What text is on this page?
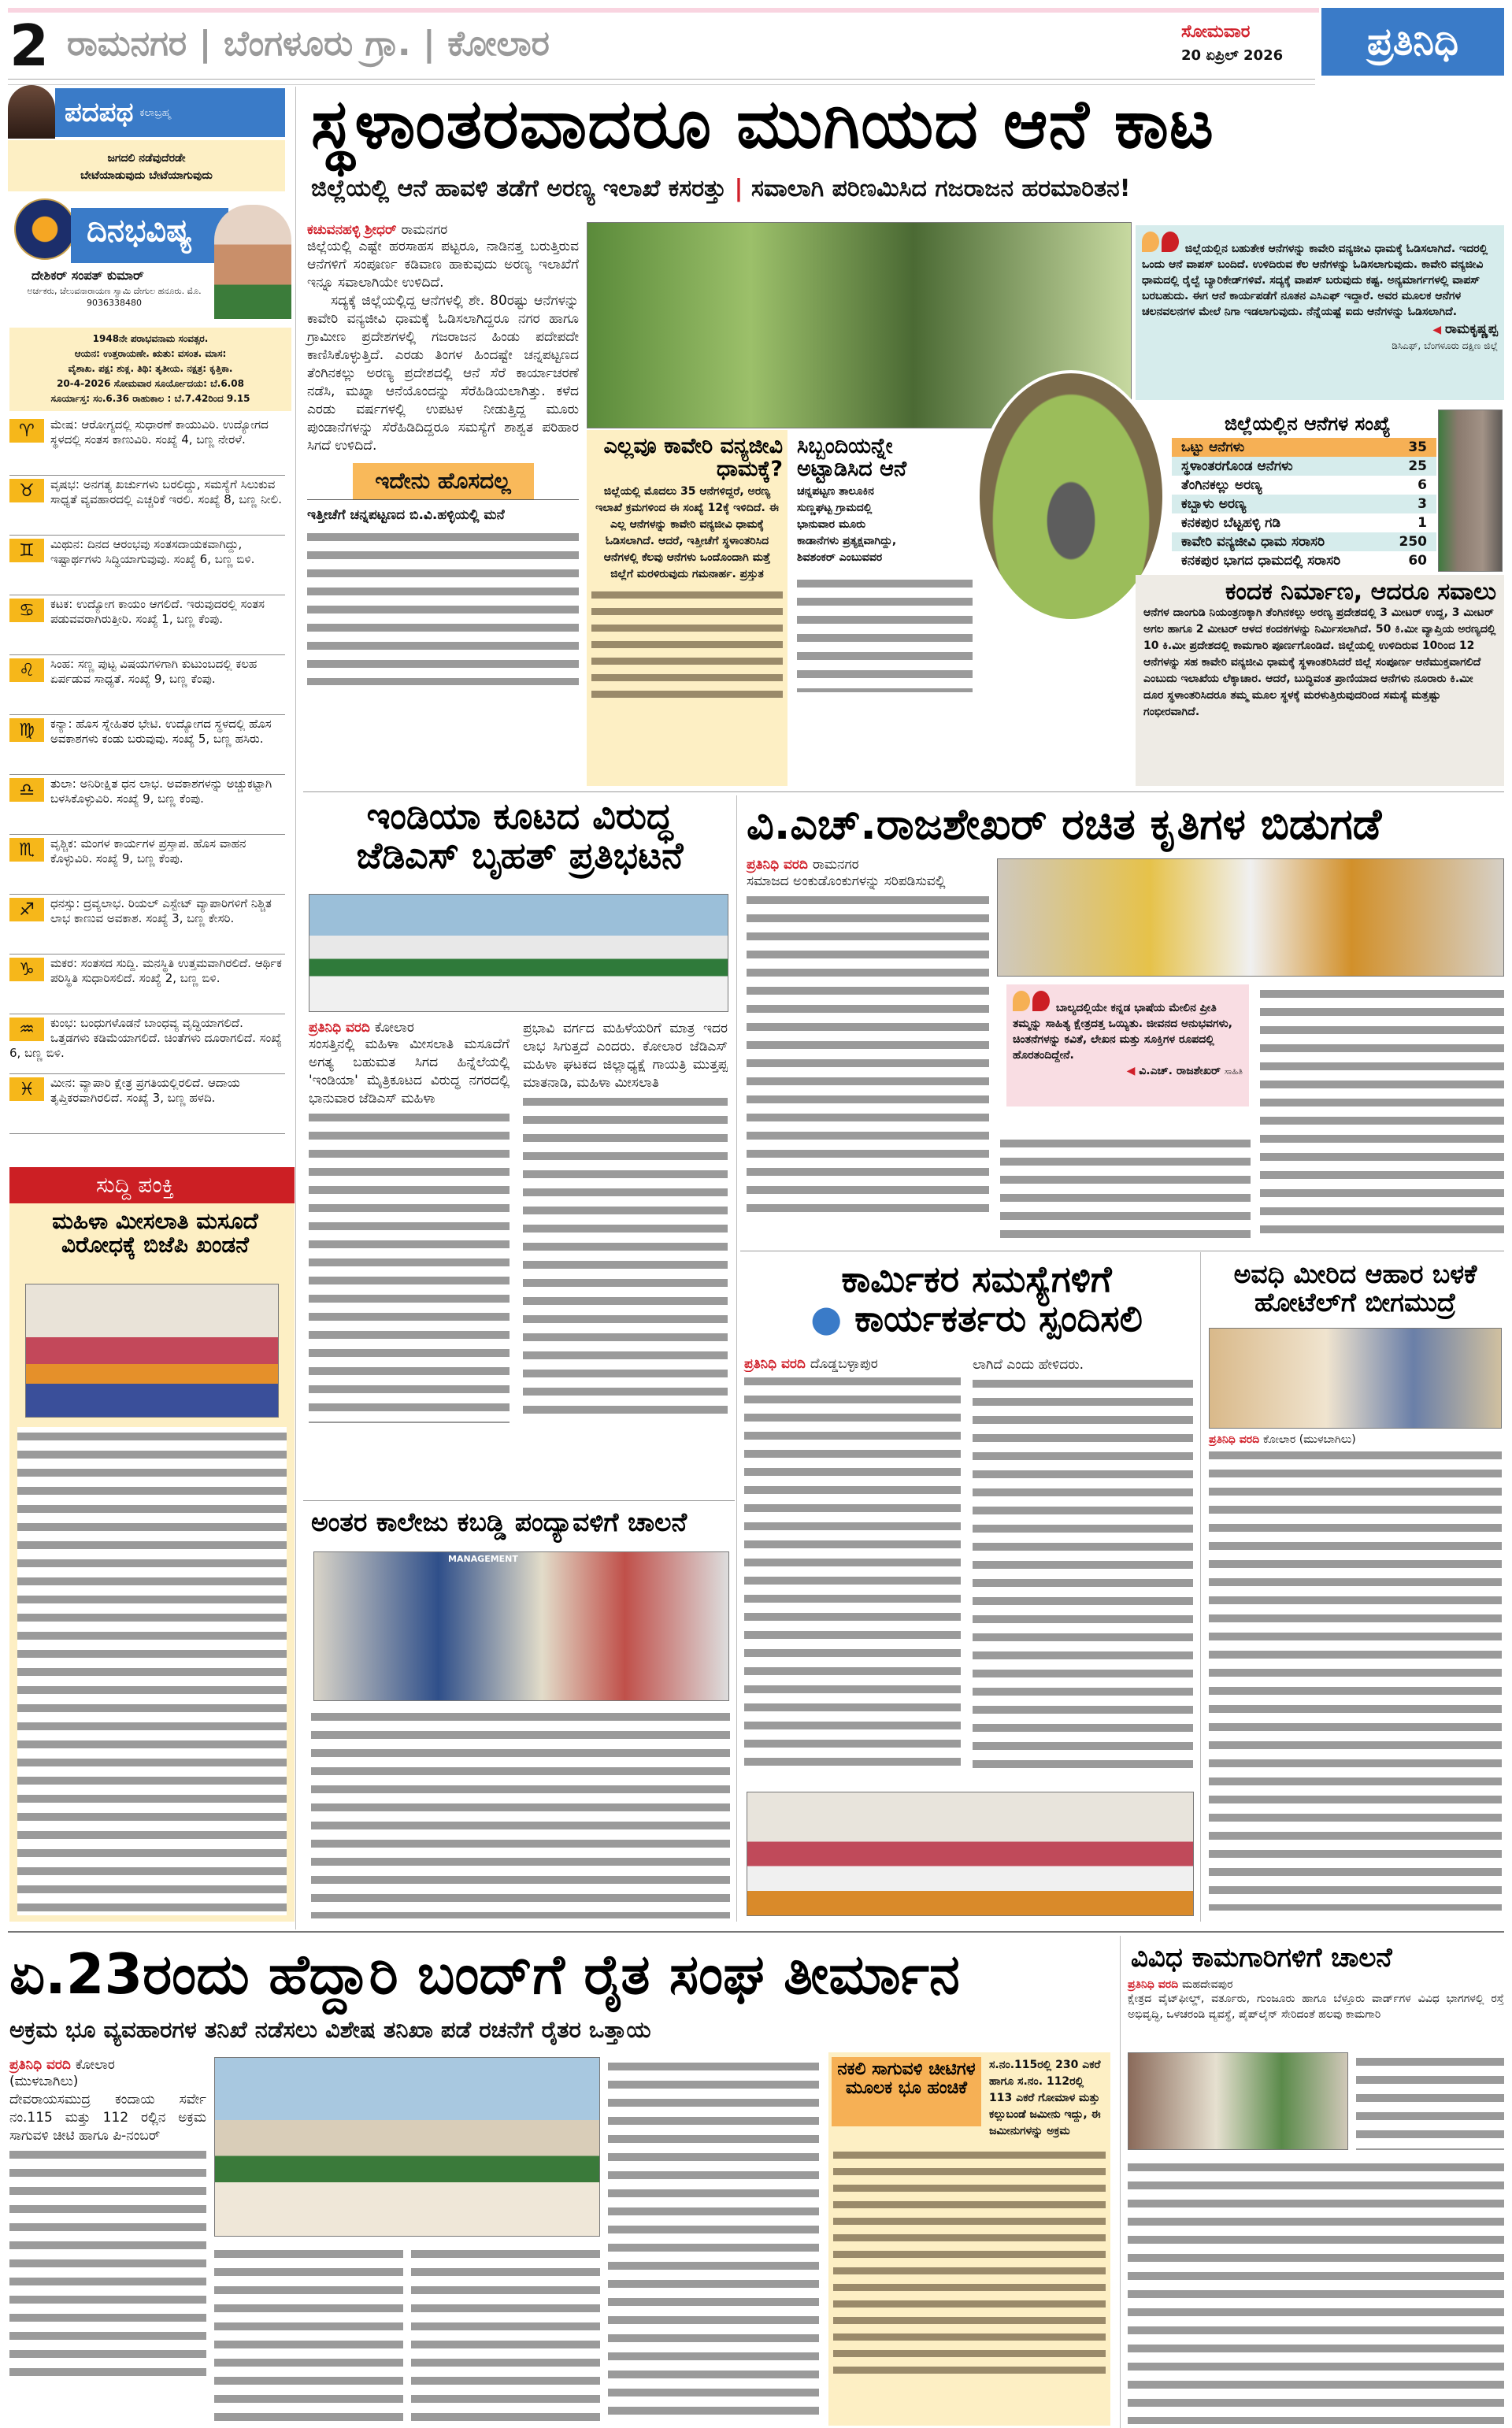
2 ರಾಮನಗರ | ಬೆಂಗಳೂರು ಗ್ರಾ. | ಕೋಲಾರ	ಸೋಮವಾರ
20 ಏಪ್ರಿಲ್ 2026	ಪ್ರತಿನಿಧಿ
ಪದಪಥ ಕಲಾಬ್ರಹ್ಮ
ಜಗದಲಿ ನಡೆವುದೆರಡೇ
ಬೇಟೆಯಾಡುವುದು ಬೇಟೆಯಾಗುವುದು
ದಿನಭವಿಷ್ಯ
ದೇಶಿಕರ್ ಸಂಪತ್ ಕುಮಾರ್
ಅರ್ಚಕರು, ಚೆಲುವನಾರಾಯಣ ಸ್ವಾಮಿ ದೇಗುಲ ಹನೂರು. ಮೊ. 9036338480
1948ನೇ ಪರಾಭವನಾಮ ಸಂವತ್ಸರ.
ಆಯನ: ಉತ್ತರಾಯಣೇ. ಋತು: ವಸಂತ. ಮಾಸ:
ವೈಶಾಖ. ಪಕ್ಷ: ಶುಕ್ಲ. ತಿಥಿ: ತೃತೀಯ. ನಕ್ಷತ್ರ: ಕೃತ್ತಿಕಾ.
20-4-2026 ಸೋಮವಾರ ಸೂರ್ಯೋದಯ: ಬೆ.6.08
ಸೂರ್ಯಾಸ್ತ: ಸಂ.6.36 ರಾಹುಕಾಲ : ಬೆ.7.42ರಿಂದ 9.15
♈	ಮೇಷ: ಆರೋಗ್ಯದಲ್ಲಿ ಸುಧಾರಣೆ ಕಾಯುವಿರಿ. ಉದ್ಯೋಗದ ಸ್ಥಳದಲ್ಲಿ ಸಂತಸ ಕಾಣುವಿರಿ. ಸಂಖ್ಯೆ 4, ಬಣ್ಣ ನೇರಳೆ.
♉	ವೃಷಭ: ಅನಗತ್ಯ ಖರ್ಚುಗಳು ಬರಲಿದ್ದು, ಸಮಸ್ಯೆಗೆ ಸಿಲುಕುವ ಸಾಧ್ಯತೆ ವ್ಯವಹಾರದಲ್ಲಿ ಎಚ್ಚರಿಕೆ ಇರಲಿ. ಸಂಖ್ಯೆ 8, ಬಣ್ಣ ನೀಲಿ.
♊	ಮಿಥುನ: ದಿನದ ಆರಂಭವು ಸಂತಸದಾಯಕವಾಗಿದ್ದು, ಇಷ್ಟಾರ್ಥಗಳು ಸಿದ್ಧಿಯಾಗುವುವು. ಸಂಖ್ಯೆ 6, ಬಣ್ಣ ಬಿಳಿ.
♋	ಕಟಕ: ಉದ್ಯೋಗ ಕಾಯಂ ಆಗಲಿದೆ. ಇರುವುದರಲ್ಲಿ ಸಂತಸ ಪಡುವವರಾಗಿರುತ್ತೀರಿ. ಸಂಖ್ಯೆ 1, ಬಣ್ಣ ಕೆಂಪು.
♌	ಸಿಂಹ: ಸಣ್ಣ ಪುಟ್ಟ ವಿಷಯಗಳಿಗಾಗಿ ಕುಟುಂಬದಲ್ಲಿ ಕಲಹ ಏರ್ಪಡುವ ಸಾಧ್ಯತೆ. ಸಂಖ್ಯೆ 9, ಬಣ್ಣ ಕೆಂಪು.
♍	ಕನ್ಯಾ: ಹೊಸ ಸ್ನೇಹಿತರ ಭೇಟಿ. ಉದ್ಯೋಗದ ಸ್ಥಳದಲ್ಲಿ ಹೊಸ ಅವಕಾಶಗಳು ಕಂಡು ಬರುವುವು. ಸಂಖ್ಯೆ 5, ಬಣ್ಣ ಹಸಿರು.
♎	ತುಲಾ: ಅನಿರೀಕ್ಷಿತ ಧನ ಲಾಭ. ಅವಕಾಶಗಳನ್ನು ಅಚ್ಚುಕಟ್ಟಾಗಿ ಬಳಸಿಕೊಳ್ಳುವಿರಿ. ಸಂಖ್ಯೆ 9, ಬಣ್ಣ ಕೆಂಪು.
♏	ವೃಶ್ಚಿಕ: ಮಂಗಳ ಕಾರ್ಯಗಳ ಪ್ರಸ್ತಾಪ. ಹೊಸ ವಾಹನ ಕೊಳ್ಳುವಿರಿ. ಸಂಖ್ಯೆ 9, ಬಣ್ಣ ಕೆಂಪು.
♐	ಧನಸ್ಸು: ದ್ರವ್ಯಲಾಭ. ರಿಯಲ್ ಎಸ್ಟೇಟ್ ವ್ಯಾಪಾರಿಗಳಿಗೆ ನಿಶ್ಚಿತ ಲಾಭ ಕಾಣುವ ಅವಕಾಶ. ಸಂಖ್ಯೆ 3, ಬಣ್ಣ ಕೇಸರಿ.
♑	ಮಕರ: ಸಂತಸದ ಸುದ್ದಿ. ಮನಸ್ಥಿತಿ ಉತ್ತಮವಾಗಿರಲಿದೆ. ಆರ್ಥಿಕ ಪರಿಸ್ಥಿತಿ ಸುಧಾರಿಸಲಿದೆ. ಸಂಖ್ಯೆ 2, ಬಣ್ಣ ಬಿಳಿ.
♒	ಕುಂಭ: ಬಂಧುಗಳೊಡನೆ ಬಾಂಧವ್ಯ ವೃದ್ಧಿಯಾಗಲಿದೆ. ಒತ್ತಡಗಳು ಕಡಿಮೆಯಾಗಲಿದೆ. ಚಿಂತೆಗಳು ದೂರಾಗಲಿದೆ. ಸಂಖ್ಯೆ 6, ಬಣ್ಣ ಬಿಳಿ.
♓	ಮೀನ: ವ್ಯಾಪಾರಿ ಕ್ಷೇತ್ರ ಪ್ರಗತಿಯಲ್ಲಿರಲಿದೆ. ಆದಾಯ ತೃಪ್ತಿಕರವಾಗಿರಲಿದೆ. ಸಂಖ್ಯೆ 3, ಬಣ್ಣ ಹಳದಿ.
ಸುದ್ದಿ ಪಂಕ್ತಿ
ಮಹಿಳಾ ಮೀಸಲಾತಿ ಮಸೂದೆ ವಿರೋಧಕ್ಕೆ ಬಿಜೆಪಿ ಖಂಡನೆ
ಸ್ಥಳಾಂತರವಾದರೂ ಮುಗಿಯದ ಆನೆ ಕಾಟ
ಜಿಲ್ಲೆಯಲ್ಲಿ ಆನೆ ಹಾವಳಿ ತಡೆಗೆ ಅರಣ್ಯ ಇಲಾಖೆ ಕಸರತ್ತು | ಸವಾಲಾಗಿ ಪರಿಣಮಿಸಿದ ಗಜರಾಜನ ಹರಮಾರಿತನ!
ಕಚುವನಹಳ್ಳಿ ಶ್ರೀಧರ್ ರಾಮನಗರ

ಜಿಲ್ಲೆಯಲ್ಲಿ ಎಷ್ಟೇ ಹರಸಾಹಸ ಪಟ್ಟರೂ, ನಾಡಿನತ್ತ ಬರುತ್ತಿರುವ ಆನೆಗಳಿಗೆ ಸಂಪೂರ್ಣ ಕಡಿವಾಣ ಹಾಕುವುದು ಅರಣ್ಯ ಇಲಾಖೆಗೆ ಇನ್ನೂ ಸವಾಲಾಗಿಯೇ ಉಳಿದಿದೆ.

ಸದ್ಯಕ್ಕೆ ಜಿಲ್ಲೆಯಲ್ಲಿದ್ದ ಆನೆಗಳಲ್ಲಿ ಶೇ. 80ರಷ್ಟು ಆನೆಗಳನ್ನು ಕಾವೇರಿ ವನ್ಯಜೀವಿ ಧಾಮಕ್ಕೆ ಓಡಿಸಲಾಗಿದ್ದರೂ ನಗರ ಹಾಗೂ ಗ್ರಾಮೀಣ ಪ್ರದೇಶಗಳಲ್ಲಿ ಗಜರಾಜನ ಹಿಂಡು ಪದೇಪದೇ ಕಾಣಿಸಿಕೊಳ್ಳುತ್ತಿದೆ. ಎರಡು ತಿಂಗಳ ಹಿಂದಷ್ಟೇ ಚನ್ನಪಟ್ಟಣದ ತೆಂಗಿನಕಲ್ಲು ಅರಣ್ಯ ಪ್ರದೇಶದಲ್ಲಿ ಆನೆ ಸೆರೆ ಕಾರ್ಯಾಚರಣೆ ನಡೆಸಿ, ಮಖ್ನಾ ಆನೆಯೊಂದನ್ನು ಸೆರೆಹಿಡಿಯಲಾಗಿತ್ತು. ಕಳೆದ ಎರಡು ವರ್ಷಗಳಲ್ಲಿ ಉಪಟಳ ನೀಡುತ್ತಿದ್ದ ಮೂರು ಪುಂಡಾನೆಗಳನ್ನು ಸೆರೆಹಿಡಿದಿದ್ದರೂ ಸಮಸ್ಯೆಗೆ ಶಾಶ್ವತ ಪರಿಹಾರ ಸಿಗದೆ ಉಳಿದಿದೆ.

ಇದೇನು ಹೊಸದಲ್ಲ

ಇತ್ತೀಚೆಗೆ ಚನ್ನಪಟ್ಟಣದ ಬಿ.ವಿ.ಹಳ್ಳಿಯಲ್ಲಿ ಮನೆ

ಎಲ್ಲವೂ ಕಾವೇರಿ ವನ್ಯಜೀವಿ ಧಾಮಕ್ಕೆ?

ಜಿಲ್ಲೆಯಲ್ಲಿ ಮೊದಲು 35 ಆನೆಗಳಿದ್ದರೆ, ಅರಣ್ಯ ಇಲಾಖೆ ಕ್ರಮಗಳಿಂದ ಈ ಸಂಖ್ಯೆ 12ಕ್ಕೆ ಇಳಿದಿದೆ. ಈ ಎಲ್ಲ ಆನೆಗಳನ್ನು ಕಾವೇರಿ ವನ್ಯಜೀವಿ ಧಾಮಕ್ಕೆ ಓಡಿಸಲಾಗಿದೆ. ಆದರೆ, ಇತ್ತೀಚೆಗೆ ಸ್ಥಳಾಂತರಿಸಿದ ಆನೆಗಳಲ್ಲಿ ಕೆಲವು ಆನೆಗಳು ಒಂದೊಂದಾಗಿ ಮತ್ತೆ ಜಿಲ್ಲೆಗೆ ಮರಳಿರುವುದು ಗಮನಾರ್ಹ. ಪ್ರಸ್ತುತ

ಸಿಬ್ಬಂದಿಯನ್ನೇ ಅಟ್ಟಾಡಿಸಿದ ಆನೆ

ಚನ್ನಪಟ್ಟಣ ತಾಲೂಕಿನ ಸುಣ್ಣಘಟ್ಟ ಗ್ರಾಮದಲ್ಲಿ ಭಾನುವಾರ ಮೂರು ಕಾಡಾನೆಗಳು ಪ್ರತ್ಯಕ್ಷವಾಗಿದ್ದು, ಶಿವಶಂಕರ್ ಎಂಬುವವರ

ಜಿಲ್ಲೆಯಲ್ಲಿನ ಬಹುತೇಕ ಆನೆಗಳನ್ನು ಕಾವೇರಿ ವನ್ಯಜೀವಿ ಧಾಮಕ್ಕೆ ಓಡಿಸಲಾಗಿದೆ. ಇದರಲ್ಲಿ ಒಂದು ಆನೆ ವಾಪಸ್ ಬಂದಿದೆ. ಉಳಿದಿರುವ ಕೆಲ ಆನೆಗಳನ್ನು ಓಡಿಸಲಾಗುವುದು. ಕಾವೇರಿ ವನ್ಯಜೀವಿ ಧಾಮದಲ್ಲಿ ರೈಲ್ವೆ ಬ್ಯಾರಿಕೇಡ್‌ಗಳಿವೆ. ಸದ್ಯಕ್ಕೆ ವಾಪಸ್ ಬರುವುದು ಕಷ್ಟ. ಅನ್ಯಮಾರ್ಗಗಳಲ್ಲಿ ವಾಪಸ್ ಬರಬಹುದು. ಈಗ ಆನೆ ಕಾರ್ಯಪಡೆಗೆ ನೂತನ ಎಸಿಎಫ್ ಇದ್ದಾರೆ. ಅವರ ಮೂಲಕ ಆನೆಗಳ ಚಲನವಲನಗಳ ಮೇಲೆ ನಿಗಾ ಇಡಲಾಗುವುದು. ನೆನ್ನೆಯಷ್ಟೆ ಐದು ಆನೆಗಳನ್ನು ಓಡಿಸಲಾಗಿದೆ.
◀ ರಾಮಕೃಷ್ಣಪ್ಪ
ಡಿಸಿಎಫ್, ಬೆಂಗಳೂರು ದಕ್ಷಿಣ ಜಿಲ್ಲೆ
ಜಿಲ್ಲೆಯಲ್ಲಿನ ಆನೆಗಳ ಸಂಖ್ಯೆ
ಒಟ್ಟು ಆನೆಗಳು	35
ಸ್ಥಳಾಂತರಗೊಂಡ ಆನೆಗಳು	25
ತೆಂಗಿನಕಲ್ಲು ಅರಣ್ಯ	6
ಕಬ್ಬಾಳು ಅರಣ್ಯ	3
ಕನಕಪುರ ಬೆಟ್ಟಹಳ್ಳಿ ಗಡಿ	1
ಕಾವೇರಿ ವನ್ಯಜೀವಿ ಧಾಮ ಸರಾಸರಿ	250
ಕನಕಪುರ ಭಾಗದ ಧಾಮದಲ್ಲಿ ಸರಾಸರಿ	60
ಕಂದಕ ನಿರ್ಮಾಣ, ಆದರೂ ಸವಾಲು

ಆನೆಗಳ ದಾಂಗುಡಿ ನಿಯಂತ್ರಣಕ್ಕಾಗಿ ತೆಂಗಿನಕಲ್ಲು ಅರಣ್ಯ ಪ್ರದೇಶದಲ್ಲಿ 3 ಮೀಟರ್ ಉದ್ದ, 3 ಮೀಟರ್ ಅಗಲ ಹಾಗೂ 2 ಮೀಟರ್ ಆಳದ ಕಂದಕಗಳನ್ನು ನಿರ್ಮಿಸಲಾಗಿದೆ. 50 ಕಿ.ಮೀ ವ್ಯಾಪ್ತಿಯ ಅರಣ್ಯದಲ್ಲಿ 10 ಕಿ.ಮೀ ಪ್ರದೇಶದಲ್ಲಿ ಕಾಮಗಾರಿ ಪೂರ್ಣಗೊಂಡಿದೆ. ಜಿಲ್ಲೆಯಲ್ಲಿ ಉಳಿದಿರುವ 10ರಿಂದ 12 ಆನೆಗಳನ್ನು ಸಹ ಕಾವೇರಿ ವನ್ಯಜೀವಿ ಧಾಮಕ್ಕೆ ಸ್ಥಳಾಂತರಿಸಿದರೆ ಜಿಲ್ಲೆ ಸಂಪೂರ್ಣ ಆನೆಮುಕ್ತವಾಗಲಿದೆ ಎಂಬುದು ಇಲಾಖೆಯ ಲೆಕ್ಕಾಚಾರ. ಆದರೆ, ಬುದ್ಧಿವಂತ ಪ್ರಾಣಿಯಾದ ಆನೆಗಳು ನೂರಾರು ಕಿ.ಮೀ ದೂರ ಸ್ಥಳಾಂತರಿಸಿದರೂ ತಮ್ಮ ಮೂಲ ಸ್ಥಳಕ್ಕೆ ಮರಳುತ್ತಿರುವುದರಿಂದ ಸಮಸ್ಯೆ ಮತ್ತಷ್ಟು ಗಂಭೀರವಾಗಿದೆ.

ಇಂಡಿಯಾ ಕೂಟದ ವಿರುದ್ಧ ಜೆಡಿಎಸ್ ಬೃಹತ್ ಪ್ರತಿಭಟನೆ
ಪ್ರತಿನಿಧಿ ವರದಿ ಕೋಲಾರ

ಸಂಸತ್ತಿನಲ್ಲಿ ಮಹಿಳಾ ಮೀಸಲಾತಿ ಮಸೂದೆಗೆ ಅಗತ್ಯ ಬಹುಮತ ಸಿಗದ ಹಿನ್ನೆಲೆಯಲ್ಲಿ 'ಇಂಡಿಯಾ' ಮೈತ್ರಿಕೂಟದ ವಿರುದ್ಧ ನಗರದಲ್ಲಿ ಭಾನುವಾರ ಜೆಡಿಎಸ್ ಮಹಿಳಾ

ಪ್ರಭಾವಿ ವರ್ಗದ ಮಹಿಳೆಯರಿಗೆ ಮಾತ್ರ ಇದರ ಲಾಭ ಸಿಗುತ್ತದೆ ಎಂದರು. ಕೋಲಾರ ಜೆಡಿಎಸ್ ಮಹಿಳಾ ಘಟಕದ ಜಿಲ್ಲಾಧ್ಯಕ್ಷೆ ಗಾಯತ್ರಿ ಮುತ್ತಪ್ಪ ಮಾತನಾಡಿ, ಮಹಿಳಾ ಮೀಸಲಾತಿ

ವಿ.ಎಚ್.ರಾಜಶೇಖರ್ ರಚಿತ ಕೃತಿಗಳ ಬಿಡುಗಡೆ
ಪ್ರತಿನಿಧಿ ವರದಿ ರಾಮನಗರ

ಸಮಾಜದ ಅಂಕುಡೊಂಕುಗಳನ್ನು ಸರಿಪಡಿಸುವಲ್ಲಿ

ಬಾಲ್ಯದಲ್ಲಿಯೇ ಕನ್ನಡ ಭಾಷೆಯ ಮೇಲಿನ ಪ್ರೀತಿ ತಮ್ಮನ್ನು ಸಾಹಿತ್ಯ ಕ್ಷೇತ್ರದತ್ತ ಒಯ್ಯಿತು. ಜೀವನದ ಅನುಭವಗಳು, ಚಿಂತನೆಗಳನ್ನು ಕವಿತೆ, ಲೇಖನ ಮತ್ತು ಸೂಕ್ತಿಗಳ ರೂಪದಲ್ಲಿ ಹೊರತಂದಿದ್ದೇನೆ.
◀ ವಿ.ಎಚ್. ರಾಜಶೇಖರ್ ಸಾಹಿತಿ
ಕಾರ್ಮಿಕರ ಸಮಸ್ಯೆಗಳಿಗೆ ● ಕಾರ್ಯಕರ್ತರು ಸ್ಪಂದಿಸಲಿ
ಪ್ರತಿನಿಧಿ ವರದಿ ದೊಡ್ಡಬಳ್ಳಾಪುರ	ಲಾಗಿದೆ ಎಂದು ಹೇಳಿದರು.

ಅವಧಿ ಮೀರಿದ ಆಹಾರ ಬಳಕೆ ಹೋಟೆಲ್‌ಗೆ ಬೀಗಮುದ್ರೆ
ಪ್ರತಿನಿಧಿ ವರದಿ ಕೋಲಾರ (ಮುಳಬಾಗಿಲು)
ಅಂತರ ಕಾಲೇಜು ಕಬಡ್ಡಿ ಪಂದ್ಯಾವಳಿಗೆ ಚಾಲನೆ
MANAGEMENT
ಏ.23ರಂದು ಹೆದ್ದಾರಿ ಬಂದ್‌ಗೆ ರೈತ ಸಂಘ ತೀರ್ಮಾನ
ಅಕ್ರಮ ಭೂ ವ್ಯವಹಾರಗಳ ತನಿಖೆ ನಡೆಸಲು ವಿಶೇಷ ತನಿಖಾ ಪಡೆ ರಚನೆಗೆ ರೈತರ ಒತ್ತಾಯ
ಪ್ರತಿನಿಧಿ ವರದಿ ಕೋಲಾರ
(ಮುಳಬಾಗಿಲು)

ದೇವರಾಯಸಮುದ್ರ ಕಂದಾಯ ಸರ್ವೇ ನಂ.115 ಮತ್ತು 112 ರಲ್ಲಿನ ಅಕ್ರಮ ಸಾಗುವಳಿ ಚೀಟಿ ಹಾಗೂ ಪಿ-ನಂಬರ್

ನಕಲಿ ಸಾಗುವಳಿ ಚೀಟಿಗಳ ಮೂಲಕ ಭೂ ಹಂಚಿಕೆ

ಸ.ನಂ.115ರಲ್ಲಿ 230 ಎಕರೆ ಹಾಗೂ ಸ.ನಂ. 112ರಲ್ಲಿ 113 ಎಕರೆ ಗೋಮಾಳ ಮತ್ತು ಕಲ್ಲುಬಂಡೆ ಜಮೀನು ಇದ್ದು, ಈ ಜಮೀನುಗಳನ್ನು ಅಕ್ರಮ

ವಿವಿಧ ಕಾಮಗಾರಿಗಳಿಗೆ ಚಾಲನೆ
ಪ್ರತಿನಿಧಿ ವರದಿ ಮಹದೇವಪುರ

ಕ್ಷೇತ್ರದ ವೈಟ್‌ಫೀಲ್ಡ್, ವರ್ತೂರು, ಗುಂಜೂರು ಹಾಗೂ ಬೆಳ್ತೂರು ವಾರ್ಡ್‌ಗಳ ವಿವಿಧ ಭಾಗಗಳಲ್ಲಿ ರಸ್ತೆ ಅಭಿವೃದ್ಧಿ, ಒಳಚರಂಡಿ ವ್ಯವಸ್ಥೆ, ಪೈಪ್‌ಲೈನ್ ಸೇರಿದಂತೆ ಹಲವು ಕಾಮಗಾರಿ
